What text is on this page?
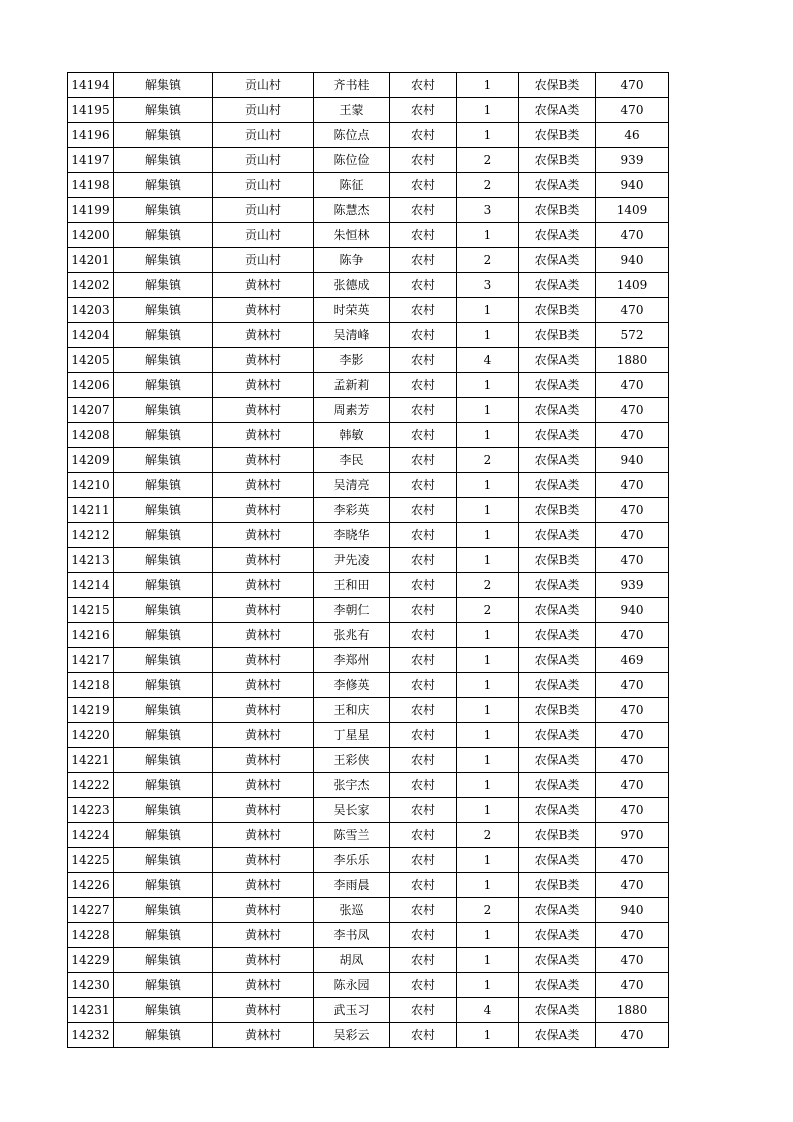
14194	解集镇	贡山村	齐书桂	农村	1	农保B类	470
14195	解集镇	贡山村	王蒙	农村	1	农保A类	470
14196	解集镇	贡山村	陈位点	农村	1	农保B类	46
14197	解集镇	贡山村	陈位俭	农村	2	农保B类	939
14198	解集镇	贡山村	陈征	农村	2	农保A类	940
14199	解集镇	贡山村	陈慧杰	农村	3	农保B类	1409
14200	解集镇	贡山村	朱恒林	农村	1	农保A类	470
14201	解集镇	贡山村	陈争	农村	2	农保A类	940
14202	解集镇	黄林村	张德成	农村	3	农保A类	1409
14203	解集镇	黄林村	时荣英	农村	1	农保B类	470
14204	解集镇	黄林村	吴清峰	农村	1	农保B类	572
14205	解集镇	黄林村	李影	农村	4	农保A类	1880
14206	解集镇	黄林村	孟新莉	农村	1	农保A类	470
14207	解集镇	黄林村	周素芳	农村	1	农保A类	470
14208	解集镇	黄林村	韩敏	农村	1	农保A类	470
14209	解集镇	黄林村	李民	农村	2	农保A类	940
14210	解集镇	黄林村	吴清亮	农村	1	农保A类	470
14211	解集镇	黄林村	李彩英	农村	1	农保B类	470
14212	解集镇	黄林村	李晓华	农村	1	农保A类	470
14213	解集镇	黄林村	尹先凌	农村	1	农保B类	470
14214	解集镇	黄林村	王和田	农村	2	农保A类	939
14215	解集镇	黄林村	李朝仁	农村	2	农保A类	940
14216	解集镇	黄林村	张兆有	农村	1	农保A类	470
14217	解集镇	黄林村	李郑州	农村	1	农保A类	469
14218	解集镇	黄林村	李修英	农村	1	农保A类	470
14219	解集镇	黄林村	王和庆	农村	1	农保B类	470
14220	解集镇	黄林村	丁星星	农村	1	农保A类	470
14221	解集镇	黄林村	王彩侠	农村	1	农保A类	470
14222	解集镇	黄林村	张宇杰	农村	1	农保A类	470
14223	解集镇	黄林村	吴长家	农村	1	农保A类	470
14224	解集镇	黄林村	陈雪兰	农村	2	农保B类	970
14225	解集镇	黄林村	李乐乐	农村	1	农保A类	470
14226	解集镇	黄林村	李雨晨	农村	1	农保B类	470
14227	解集镇	黄林村	张巡	农村	2	农保A类	940
14228	解集镇	黄林村	李书凤	农村	1	农保A类	470
14229	解集镇	黄林村	胡凤	农村	1	农保A类	470
14230	解集镇	黄林村	陈永园	农村	1	农保A类	470
14231	解集镇	黄林村	武玉习	农村	4	农保A类	1880
14232	解集镇	黄林村	吴彩云	农村	1	农保A类	470
